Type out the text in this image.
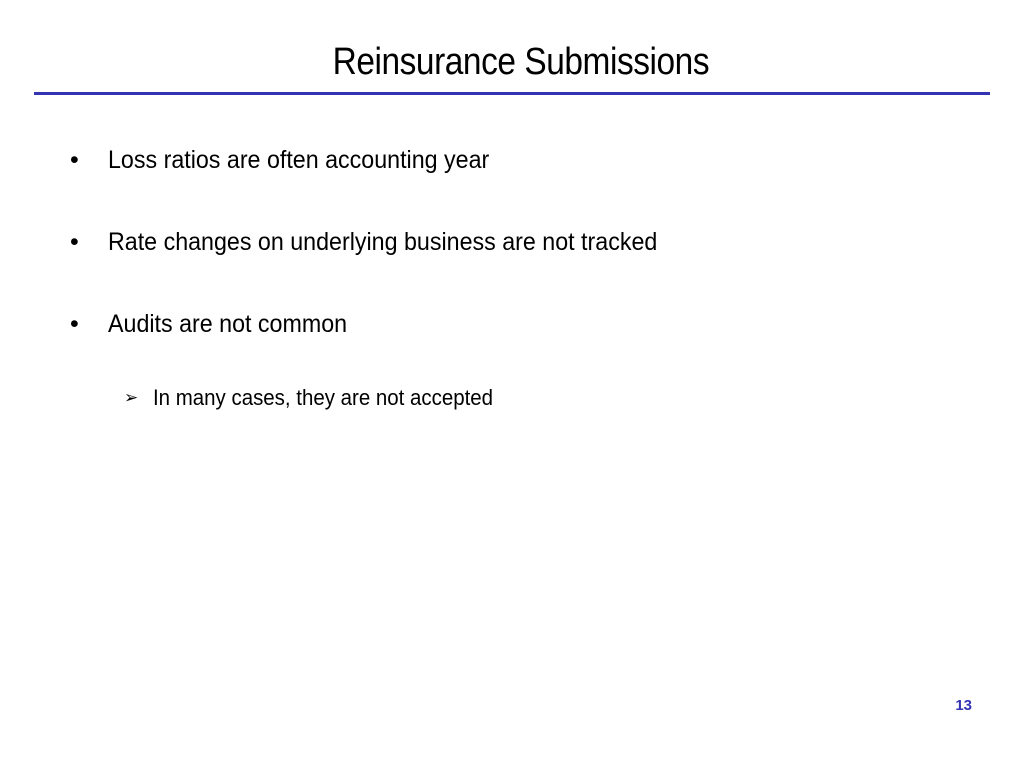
Reinsurance Submissions
• Loss ratios are often accounting year
• Rate changes on underlying business are not tracked
• Audits are not common
➢ In many cases, they are not accepted
13
